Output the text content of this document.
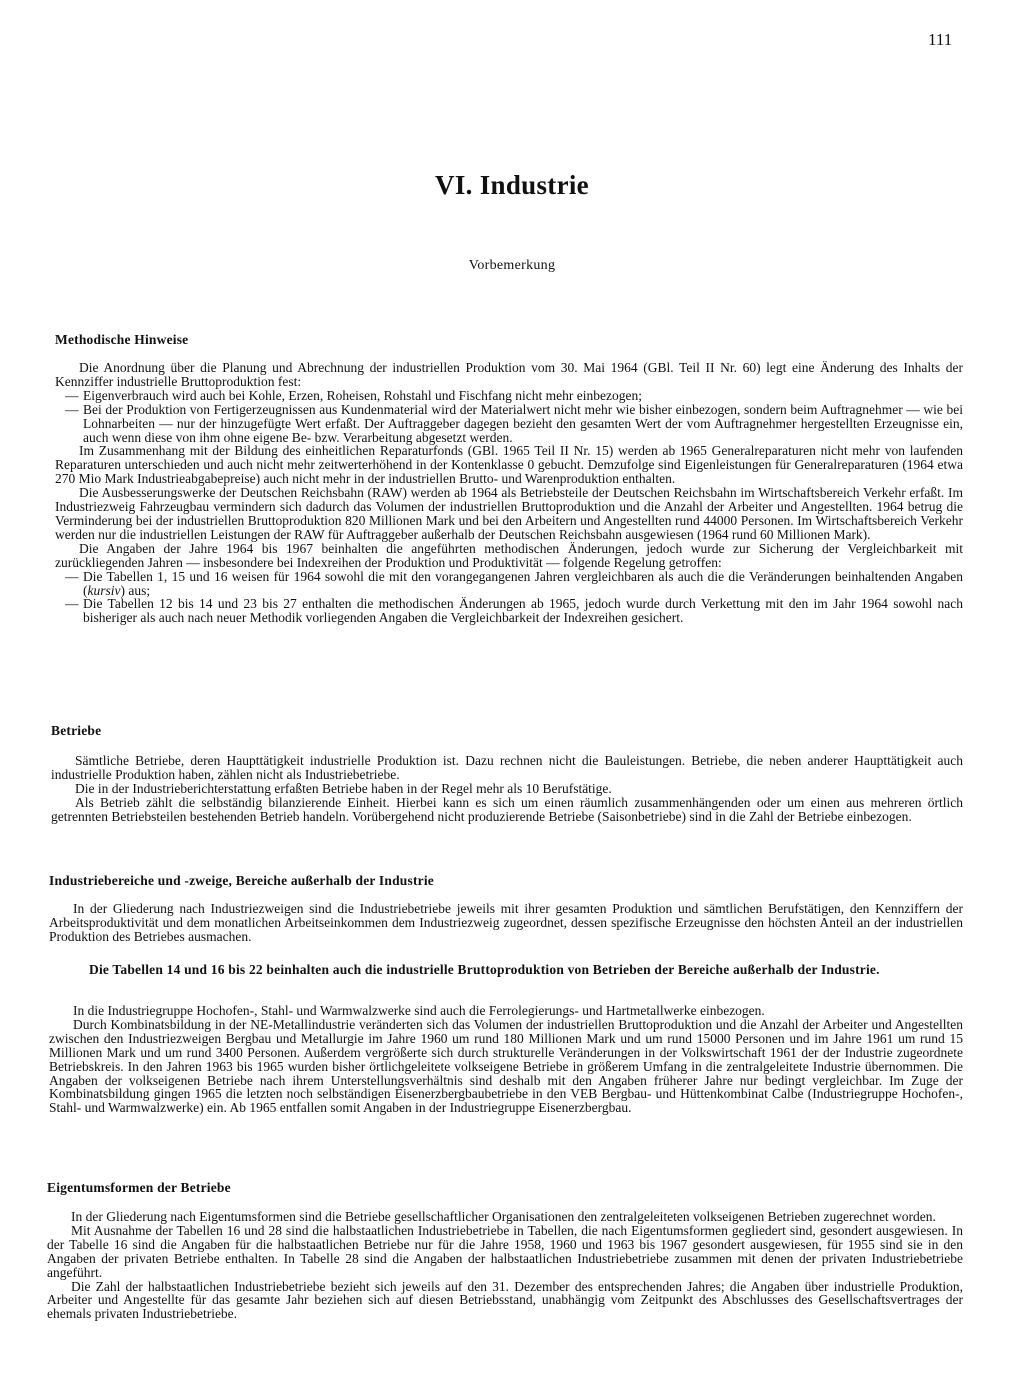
111
VI. Industrie
Vorbemerkung
Methodische Hinweise

Die Anordnung über die Planung und Abrechnung der industriellen Produktion vom 30. Mai 1964 (GBl. Teil II Nr. 60) legt eine Änderung des Inhalts der Kennziffer industrielle Bruttoproduktion fest:

— Eigenverbrauch wird auch bei Kohle, Erzen, Roheisen, Rohstahl und Fischfang nicht mehr einbezogen;
— Bei der Produktion von Fertigerzeugnissen aus Kundenmaterial wird der Materialwert nicht mehr wie bisher einbezogen, sondern beim Auftragnehmer — wie bei Lohnarbeiten — nur der hinzugefügte Wert erfaßt. Der Auftraggeber dagegen bezieht den gesamten Wert der vom Auftragnehmer hergestellten Erzeugnisse ein, auch wenn diese von ihm ohne eigene Be- bzw. Verarbeitung abgesetzt werden.

Im Zusammenhang mit der Bildung des einheitlichen Reparaturfonds (GBl. 1965 Teil II Nr. 15) werden ab 1965 Generalreparaturen nicht mehr von laufenden Reparaturen unterschieden und auch nicht mehr zeitwerterhöhend in der Kontenklasse 0 gebucht. Demzufolge sind Eigenleistungen für Generalreparaturen (1964 etwa 270 Mio Mark Industrieabgabepreise) auch nicht mehr in der industriellen Brutto- und Warenproduktion enthalten.

Die Ausbesserungswerke der Deutschen Reichsbahn (RAW) werden ab 1964 als Betriebsteile der Deutschen Reichsbahn im Wirtschaftsbereich Verkehr erfaßt. Im Industriezweig Fahrzeugbau vermindern sich dadurch das Volumen der industriellen Bruttoproduktion und die Anzahl der Arbeiter und Angestellten. 1964 betrug die Verminderung bei der industriellen Bruttoproduktion 820 Millionen Mark und bei den Arbeitern und Angestellten rund 44000 Personen. Im Wirtschaftsbereich Verkehr werden nur die industriellen Leistungen der RAW für Auftraggeber außerhalb der Deutschen Reichsbahn ausgewiesen (1964 rund 60 Millionen Mark).

Die Angaben der Jahre 1964 bis 1967 beinhalten die angeführten methodischen Änderungen, jedoch wurde zur Sicherung der Vergleichbarkeit mit zurückliegenden Jahren — insbesondere bei Indexreihen der Produktion und Produktivität — folgende Regelung getroffen:

— Die Tabellen 1, 15 und 16 weisen für 1964 sowohl die mit den vorangegangenen Jahren vergleichbaren als auch die die Veränderungen beinhaltenden Angaben (kursiv) aus;
— Die Tabellen 12 bis 14 und 23 bis 27 enthalten die methodischen Änderungen ab 1965, jedoch wurde durch Verkettung mit den im Jahr 1964 sowohl nach bisheriger als auch nach neuer Methodik vorliegenden Angaben die Vergleichbarkeit der Indexreihen gesichert.
Betriebe

Sämtliche Betriebe, deren Haupttätigkeit industrielle Produktion ist. Dazu rechnen nicht die Bauleistungen. Betriebe, die neben anderer Haupttätigkeit auch industrielle Produktion haben, zählen nicht als Industriebetriebe.

Die in der Industrieberichterstattung erfaßten Betriebe haben in der Regel mehr als 10 Berufstätige.

Als Betrieb zählt die selbständig bilanzierende Einheit. Hierbei kann es sich um einen räumlich zusammenhängenden oder um einen aus mehreren örtlich getrennten Betriebsteilen bestehenden Betrieb handeln. Vorübergehend nicht produzierende Betriebe (Saisonbetriebe) sind in die Zahl der Betriebe einbezogen.

Industriebereiche und -zweige, Bereiche außerhalb der Industrie

In der Gliederung nach Industriezweigen sind die Industriebetriebe jeweils mit ihrer gesamten Produktion und sämtlichen Berufstätigen, den Kennziffern der Arbeitsproduktivität und dem monatlichen Arbeitseinkommen dem Industriezweig zugeordnet, dessen spezifische Erzeugnisse den höchsten Anteil an der industriellen Produktion des Betriebes ausmachen.

Die Tabellen 14 und 16 bis 22 beinhalten auch die industrielle Bruttoproduktion von Betrieben der Bereiche außerhalb der Industrie.

In die Industriegruppe Hochofen-, Stahl- und Warmwalzwerke sind auch die Ferrolegierungs- und Hartmetallwerke einbezogen.

Durch Kombinatsbildung in der NE-Metallindustrie veränderten sich das Volumen der industriellen Bruttoproduktion und die Anzahl der Arbeiter und Angestellten zwischen den Industriezweigen Bergbau und Metallurgie im Jahre 1960 um rund 180 Millionen Mark und um rund 15000 Personen und im Jahre 1961 um rund 15 Millionen Mark und um rund 3400 Personen. Außerdem vergrößerte sich durch strukturelle Veränderungen in der Volkswirtschaft 1961 der der Industrie zugeordnete Betriebskreis. In den Jahren 1963 bis 1965 wurden bisher örtlichgeleitete volkseigene Betriebe in größerem Umfang in die zentralgeleitete Industrie übernommen. Die Angaben der volkseigenen Betriebe nach ihrem Unterstellungsverhältnis sind deshalb mit den Angaben früherer Jahre nur bedingt vergleichbar. Im Zuge der Kombinatsbildung gingen 1965 die letzten noch selbständigen Eisenerzbergbaubetriebe in den VEB Bergbau- und Hüttenkombinat Calbe (Industriegruppe Hochofen-, Stahl- und Warmwalzwerke) ein. Ab 1965 entfallen somit Angaben in der Industriegruppe Eisenerzbergbau.

Eigentumsformen der Betriebe

In der Gliederung nach Eigentumsformen sind die Betriebe gesellschaftlicher Organisationen den zentralgeleiteten volkseigenen Betrieben zugerechnet worden.

Mit Ausnahme der Tabellen 16 und 28 sind die halbstaatlichen Industriebetriebe in Tabellen, die nach Eigentumsformen gegliedert sind, gesondert ausgewiesen. In der Tabelle 16 sind die Angaben für die halbstaatlichen Betriebe nur für die Jahre 1958, 1960 und 1963 bis 1967 gesondert ausgewiesen, für 1955 sind sie in den Angaben der privaten Betriebe enthalten. In Tabelle 28 sind die Angaben der halbstaatlichen Industriebetriebe zusammen mit denen der privaten Industriebetriebe angeführt.

Die Zahl der halbstaatlichen Industriebetriebe bezieht sich jeweils auf den 31. Dezember des entsprechenden Jahres; die Angaben über industrielle Produktion, Arbeiter und Angestellte für das gesamte Jahr beziehen sich auf diesen Betriebsstand, unabhängig vom Zeitpunkt des Abschlusses des Gesellschaftsvertrages der ehemals privaten Industriebetriebe.
